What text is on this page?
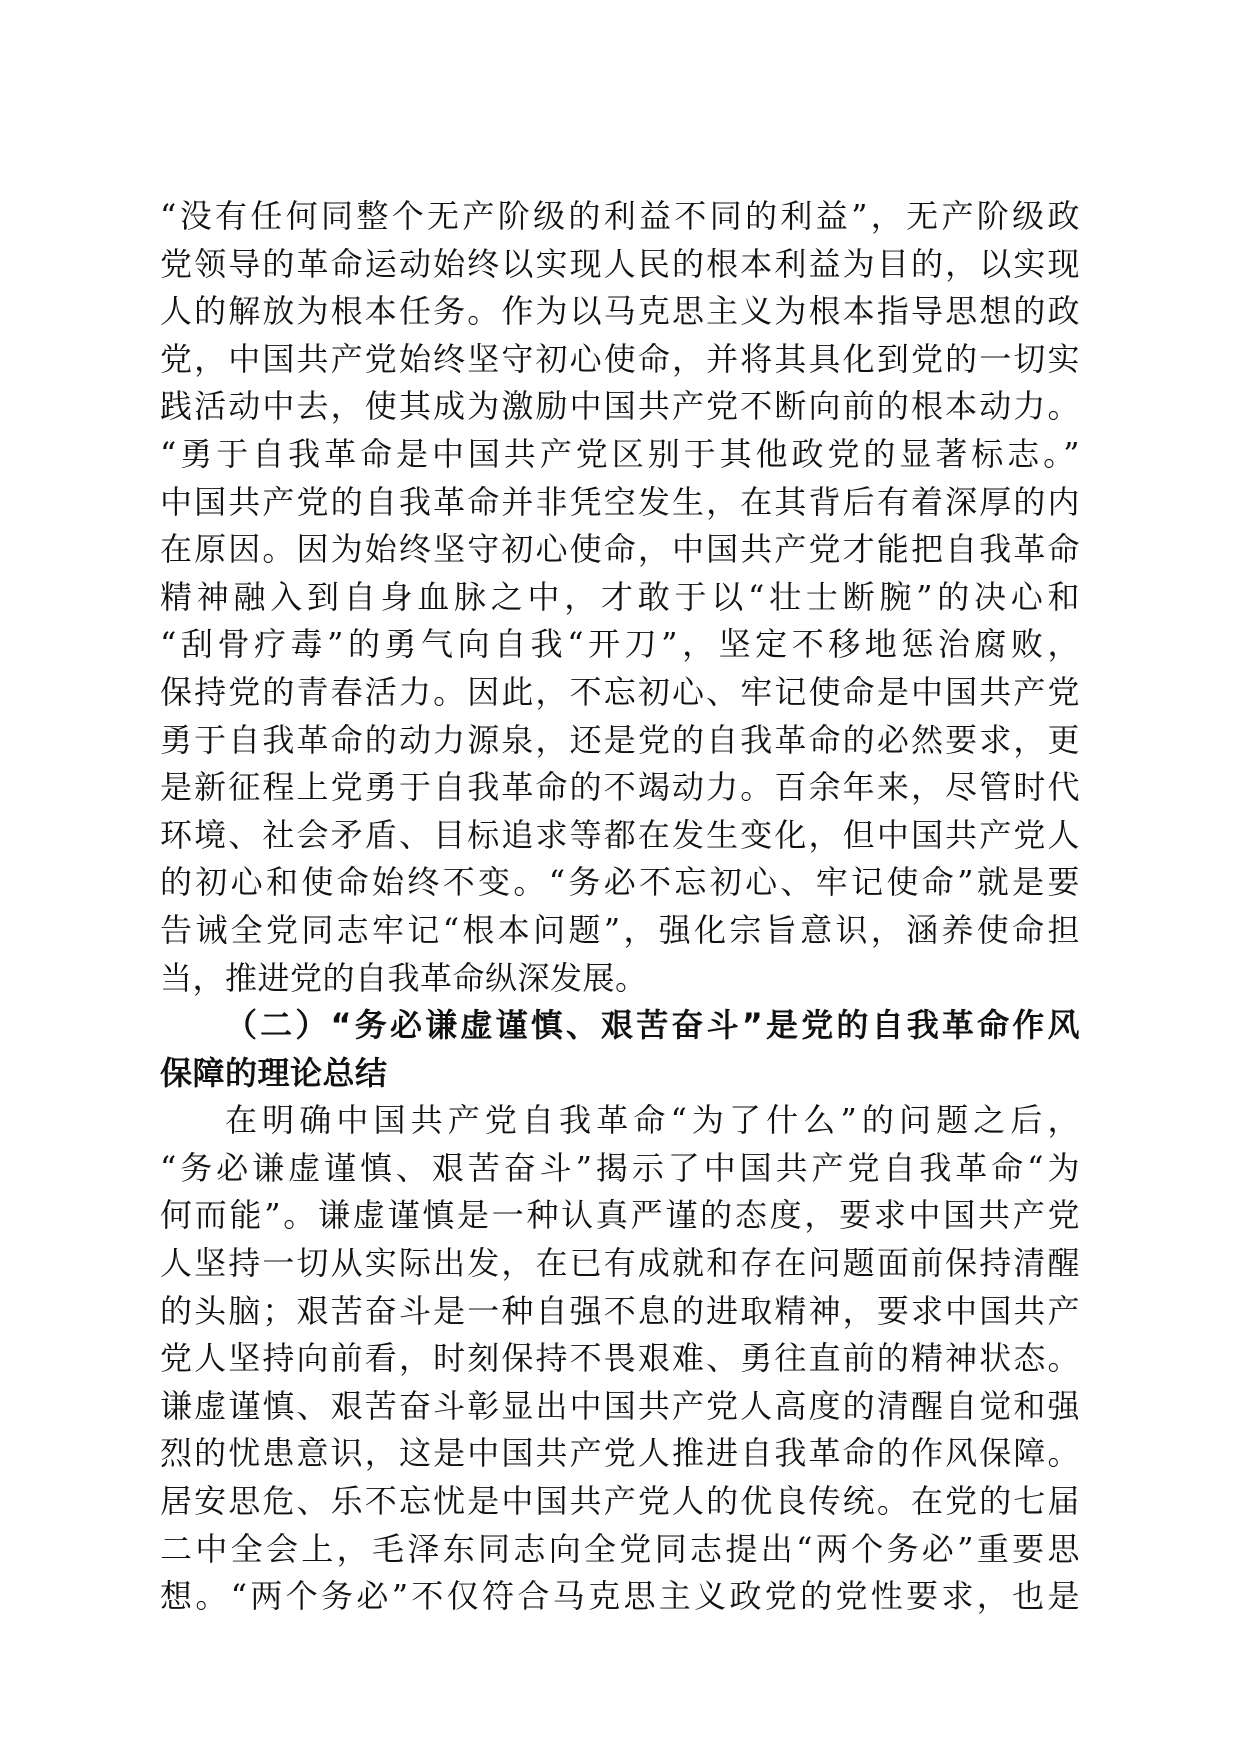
“没有任何同整个无产阶级的利益不同的利益”，无产阶级政
党领导的革命运动始终以实现人民的根本利益为目的，以实现
人的解放为根本任务。作为以马克思主义为根本指导思想的政
党，中国共产党始终坚守初心使命，并将其具化到党的一切实
践活动中去，使其成为激励中国共产党不断向前的根本动力。
“勇于自我革命是中国共产党区别于其他政党的显著标志。”
中国共产党的自我革命并非凭空发生，在其背后有着深厚的内
在原因。因为始终坚守初心使命，中国共产党才能把自我革命
精神融入到自身血脉之中，才敢于以“壮士断腕”的决心和
“刮骨疗毒”的勇气向自我“开刀”，坚定不移地惩治腐败，
保持党的青春活力。因此，不忘初心、牢记使命是中国共产党
勇于自我革命的动力源泉，还是党的自我革命的必然要求，更
是新征程上党勇于自我革命的不竭动力。百余年来，尽管时代
环境、社会矛盾、目标追求等都在发生变化，但中国共产党人
的初心和使命始终不变。“务必不忘初心、牢记使命”就是要
告诫全党同志牢记“根本问题”，强化宗旨意识，涵养使命担
当，推进党的自我革命纵深发展。
（二）“务必谦虚谨慎、艰苦奋斗”是党的自我革命作风
保障的理论总结
在明确中国共产党自我革命“为了什么”的问题之后，
“务必谦虚谨慎、艰苦奋斗”揭示了中国共产党自我革命“为
何而能”。谦虚谨慎是一种认真严谨的态度，要求中国共产党
人坚持一切从实际出发，在已有成就和存在问题面前保持清醒
的头脑；艰苦奋斗是一种自强不息的进取精神，要求中国共产
党人坚持向前看，时刻保持不畏艰难、勇往直前的精神状态。
谦虚谨慎、艰苦奋斗彰显出中国共产党人高度的清醒自觉和强
烈的忧患意识，这是中国共产党人推进自我革命的作风保障。
居安思危、乐不忘忧是中国共产党人的优良传统。在党的七届
二中全会上，毛泽东同志向全党同志提出“两个务必”重要思
想。“两个务必”不仅符合马克思主义政党的党性要求，也是
